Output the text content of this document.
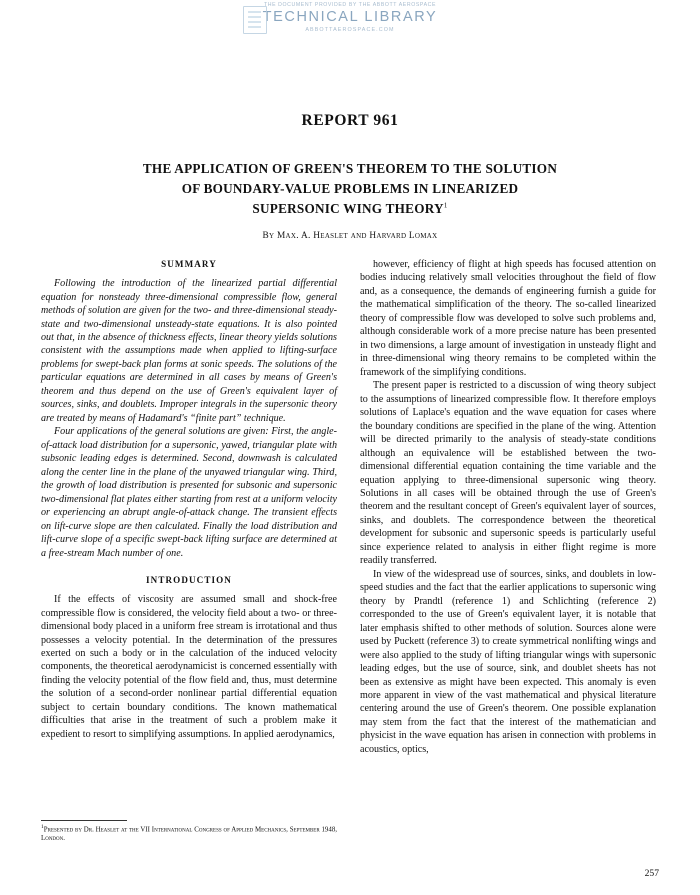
THE DOCUMENT PROVIDED BY THE ABBOTT AEROSPACE
TECHNICAL LIBRARY
ABBOTTAEROSPACE.COM
REPORT 961
THE APPLICATION OF GREEN'S THEOREM TO THE SOLUTION
OF BOUNDARY-VALUE PROBLEMS IN LINEARIZED
SUPERSONIC WING THEORY$^1$
By Max. A. Heaslet and Harvard Lomax
SUMMARY

Following the introduction of the linearized partial differential equation for nonsteady three-dimensional compressible flow, general methods of solution are given for the two- and three-dimensional steady-state and two-dimensional unsteady-state equations. It is also pointed out that, in the absence of thickness effects, linear theory yields solutions consistent with the assumptions made when applied to lifting-surface problems for swept-back plan forms at sonic speeds. The solutions of the particular equations are determined in all cases by means of Green's theorem and thus depend on the use of Green's equivalent layer of sources, sinks, and doublets. Improper integrals in the supersonic theory are treated by means of Hadamard's “finite part” technique.

Four applications of the general solutions are given: First, the angle-of-attack load distribution for a supersonic, yawed, triangular plate with subsonic leading edges is determined. Second, downwash is calculated along the center line in the plane of the unyawed triangular wing. Third, the growth of load distribution is presented for subsonic and supersonic two-dimensional flat plates either starting from rest at a uniform velocity or experiencing an abrupt angle-of-attack change. The transient effects on lift-curve slope are then calculated. Finally the load distribution and lift-curve slope of a specific swept-back lifting surface are determined at a free-stream Mach number of one.

INTRODUCTION

If the effects of viscosity are assumed small and shock-free compressible flow is considered, the velocity field about a two- or three-dimensional body placed in a uniform free stream is irrotational and thus possesses a velocity potential. In the determination of the pressures exerted on such a body or in the calculation of the induced velocity components, the theoretical aerodynamicist is concerned essentially with finding the velocity potential of the flow field and, thus, must determine the solution of a second-order nonlinear partial differential equation subject to certain boundary conditions. The known mathematical difficulties that arise in the treatment of such a problem make it expedient to resort to simplifying assumptions. In applied aerodynamics,

however, efficiency of flight at high speeds has focused attention on bodies inducing relatively small velocities throughout the field of flow and, as a consequence, the demands of engineering furnish a guide for the mathematical simplification of the theory. The so-called linearized theory of compressible flow was developed to solve such problems and, although considerable work of a more precise nature has been presented in two dimensions, a large amount of investigation in unsteady flight and in three-dimensional wing theory remains to be completed within the framework of the simplifying conditions.

The present paper is restricted to a discussion of wing theory subject to the assumptions of linearized compressible flow. It therefore employs solutions of Laplace's equation and the wave equation for cases where the boundary conditions are specified in the plane of the wing. Attention will be directed primarily to the analysis of steady-state conditions although an equivalence will be established between the two-dimensional differential equation containing the time variable and the equation applying to three-dimensional supersonic wing theory. Solutions in all cases will be obtained through the use of Green's theorem and the resultant concept of Green's equivalent layer of sources, sinks, and doublets. The correspondence between the theoretical development for subsonic and supersonic speeds is particularly useful since experience related to analysis in either flight regime is more readily transferred.

In view of the widespread use of sources, sinks, and doublets in low-speed studies and the fact that the earlier applications to supersonic wing theory by Prandtl (reference 1) and Schlichting (reference 2) corresponded to the use of Green's equivalent layer, it is notable that later emphasis shifted to other methods of solution. Sources alone were used by Puckett (reference 3) to create symmetrical nonlifting wings and were also applied to the study of lifting triangular wings with supersonic leading edges, but the use of source, sink, and doublet sheets has not been as extensive as might have been expected. This anomaly is even more apparent in view of the vast mathematical and physical literature centering around the use of Green's theorem. One possible explanation may stem from the fact that the interest of the mathematician and physicist in the wave equation has arisen in connection with problems in acoustics, optics,

$^1$Presented by Dr. Heaslet at the VII International Congress of Applied Mechanics, September 1948, London.
257
